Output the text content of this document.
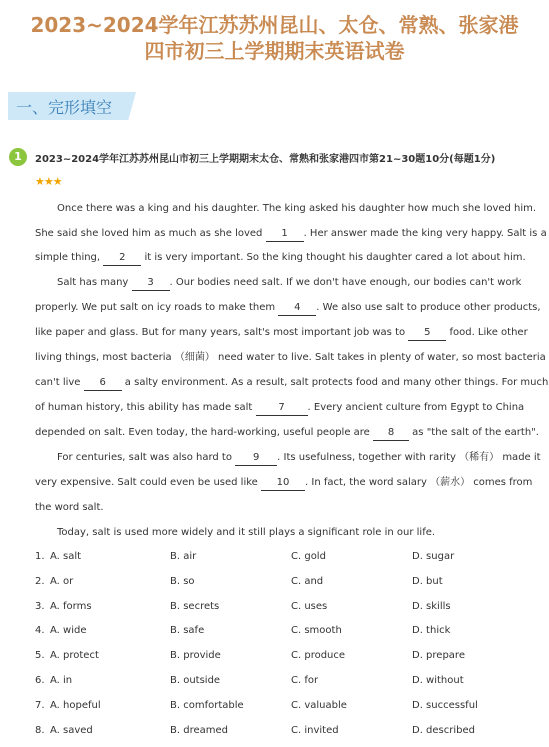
2023~2024学年江苏苏州昆山、太仓、常熟、张家港
四市初三上学期期末英语试卷
一、完形填空
1	2023~2024学年江苏苏州昆山市初三上学期期末太仓、常熟和张家港四市第21~30题10分(每题1分)
★★★
Once there was a king and his daughter. The king asked his daughter how much she loved him.
She said she loved him as much as she loved 1 . Her answer made the king very happy. Salt is a
simple thing, 2 it is very important. So the king thought his daughter cared a lot about him.
Salt has many 3 . Our bodies need salt. If we don't have enough, our bodies can't work
properly. We put salt on icy roads to make them 4 . We also use salt to produce other products,
like paper and glass. But for many years, salt's most important job was to 5 food. Like other
living things, most bacteria （细菌） need water to live. Salt takes in plenty of water, so most bacteria
can't live 6 a salty environment. As a result, salt protects food and many other things. For much
of human history, this ability has made salt 7 . Every ancient culture from Egypt to China
depended on salt. Even today, the hard-working, useful people are 8 as "the salt of the earth".
For centuries, salt was also hard to 9 . Its usefulness, together with rarity （稀有） made it
very expensive. Salt could even be used like 10 . In fact, the word salary （薪水） comes from
the word salt.
Today, salt is used more widely and it still plays a significant role in our life.
1. A. salt	B. air	C. gold	D. sugar
2. A. or	B. so	C. and	D. but
3. A. forms	B. secrets	C. uses	D. skills
4. A. wide	B. safe	C. smooth	D. thick
5. A. protect	B. provide	C. produce	D. prepare
6. A. in	B. outside	C. for	D. without
7. A. hopeful	B. comfortable	C. valuable	D. successful
8. A. saved	B. dreamed	C. invited	D. described
